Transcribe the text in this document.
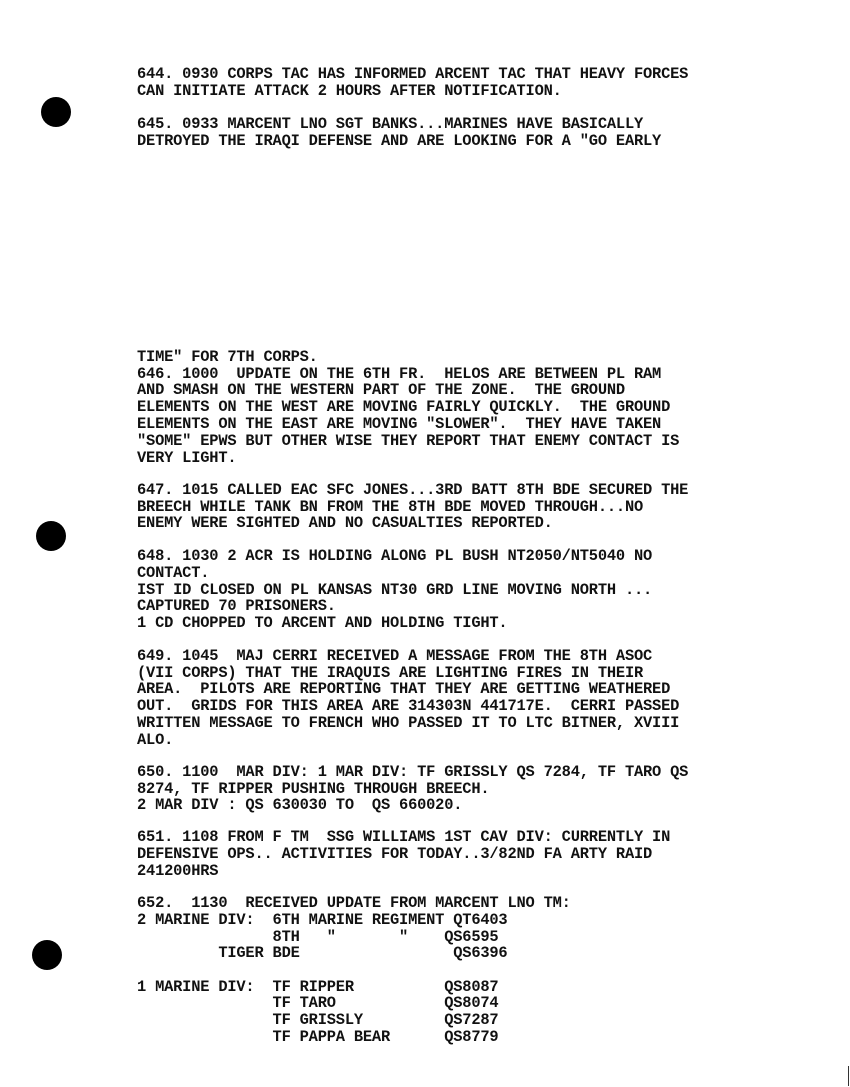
644. 0930 CORPS TAC HAS INFORMED ARCENT TAC THAT HEAVY FORCES
CAN INITIATE ATTACK 2 HOURS AFTER NOTIFICATION.
645. 0933 MARCENT LNO SGT BANKS...MARINES HAVE BASICALLY
DETROYED THE IRAQI DEFENSE AND ARE LOOKING FOR A "GO EARLY
TIME" FOR 7TH CORPS.
646. 1000  UPDATE ON THE 6TH FR.  HELOS ARE BETWEEN PL RAM
AND SMASH ON THE WESTERN PART OF THE ZONE.  THE GROUND
ELEMENTS ON THE WEST ARE MOVING FAIRLY QUICKLY.  THE GROUND
ELEMENTS ON THE EAST ARE MOVING "SLOWER".  THEY HAVE TAKEN
"SOME" EPWS BUT OTHER WISE THEY REPORT THAT ENEMY CONTACT IS
VERY LIGHT.
647. 1015 CALLED EAC SFC JONES...3RD BATT 8TH BDE SECURED THE
BREECH WHILE TANK BN FROM THE 8TH BDE MOVED THROUGH...NO
ENEMY WERE SIGHTED AND NO CASUALTIES REPORTED.
648. 1030 2 ACR IS HOLDING ALONG PL BUSH NT2050/NT5040 NO
CONTACT.
IST ID CLOSED ON PL KANSAS NT30 GRD LINE MOVING NORTH ...
CAPTURED 70 PRISONERS.
1 CD CHOPPED TO ARCENT AND HOLDING TIGHT.
649. 1045  MAJ CERRI RECEIVED A MESSAGE FROM THE 8TH ASOC
(VII CORPS) THAT THE IRAQUIS ARE LIGHTING FIRES IN THEIR
AREA.  PILOTS ARE REPORTING THAT THEY ARE GETTING WEATHERED
OUT.  GRIDS FOR THIS AREA ARE 314303N 441717E.  CERRI PASSED
WRITTEN MESSAGE TO FRENCH WHO PASSED IT TO LTC BITNER, XVIII
ALO.
650. 1100  MAR DIV: 1 MAR DIV: TF GRISSLY QS 7284, TF TARO QS
8274, TF RIPPER PUSHING THROUGH BREECH.
2 MAR DIV : QS 630030 TO  QS 660020.
651. 1108 FROM F TM  SSG WILLIAMS 1ST CAV DIV: CURRENTLY IN
DEFENSIVE OPS.. ACTIVITIES FOR TODAY..3/82ND FA ARTY RAID
241200HRS
652.  1130  RECEIVED UPDATE FROM MARCENT LNO TM:
2 MARINE DIV:  6TH MARINE REGIMENT QT6403
8TH   "       "    QS6595
TIGER BDE                 QS6396
1 MARINE DIV:  TF RIPPER          QS8087
TF TARO            QS8074
TF GRISSLY         QS7287
TF PAPPA BEAR      QS8779
